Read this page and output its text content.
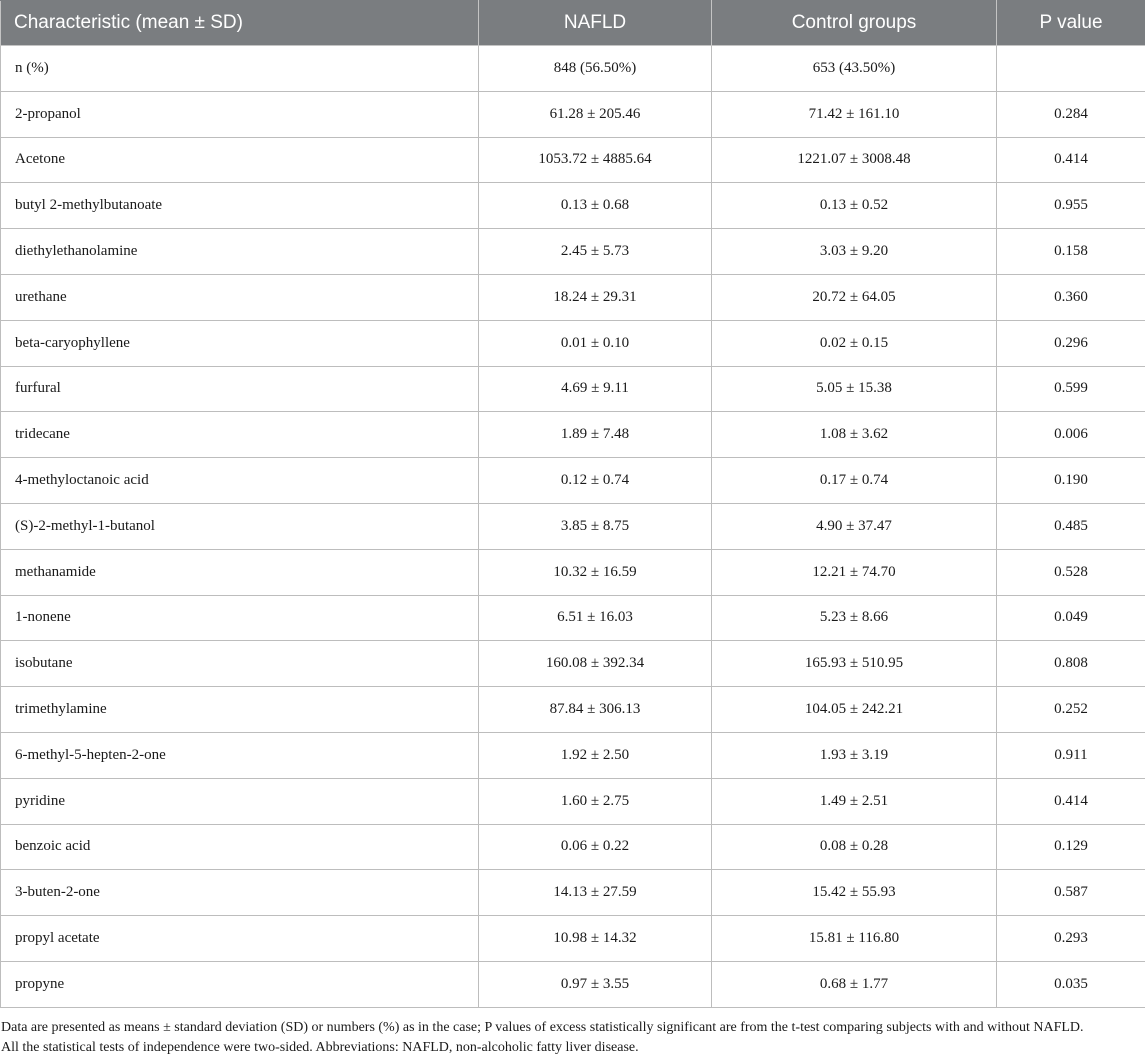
Characteristic (mean ± SD)	NAFLD	Control groups	P value
n (%)	848 (56.50%)	653 (43.50%)	
2-propanol	61.28 ± 205.46	71.42 ± 161.10	0.284
Acetone	1053.72 ± 4885.64	1221.07 ± 3008.48	0.414
butyl 2-methylbutanoate	0.13 ± 0.68	0.13 ± 0.52	0.955
diethylethanolamine	2.45 ± 5.73	3.03 ± 9.20	0.158
urethane	18.24 ± 29.31	20.72 ± 64.05	0.360
beta-caryophyllene	0.01 ± 0.10	0.02 ± 0.15	0.296
furfural	4.69 ± 9.11	5.05 ± 15.38	0.599
tridecane	1.89 ± 7.48	1.08 ± 3.62	0.006
4-methyloctanoic acid	0.12 ± 0.74	0.17 ± 0.74	0.190
(S)-2-methyl-1-butanol	3.85 ± 8.75	4.90 ± 37.47	0.485
methanamide	10.32 ± 16.59	12.21 ± 74.70	0.528
1-nonene	6.51 ± 16.03	5.23 ± 8.66	0.049
isobutane	160.08 ± 392.34	165.93 ± 510.95	0.808
trimethylamine	87.84 ± 306.13	104.05 ± 242.21	0.252
6-methyl-5-hepten-2-one	1.92 ± 2.50	1.93 ± 3.19	0.911
pyridine	1.60 ± 2.75	1.49 ± 2.51	0.414
benzoic acid	0.06 ± 0.22	0.08 ± 0.28	0.129
3-buten-2-one	14.13 ± 27.59	15.42 ± 55.93	0.587
propyl acetate	10.98 ± 14.32	15.81 ± 116.80	0.293
propyne	0.97 ± 3.55	0.68 ± 1.77	0.035
Data are presented as means ± standard deviation (SD) or numbers (%) as in the case; P values of excess statistically significant are from the t-test comparing subjects with and without NAFLD.
All the statistical tests of independence were two-sided. Abbreviations: NAFLD, non-alcoholic fatty liver disease.
